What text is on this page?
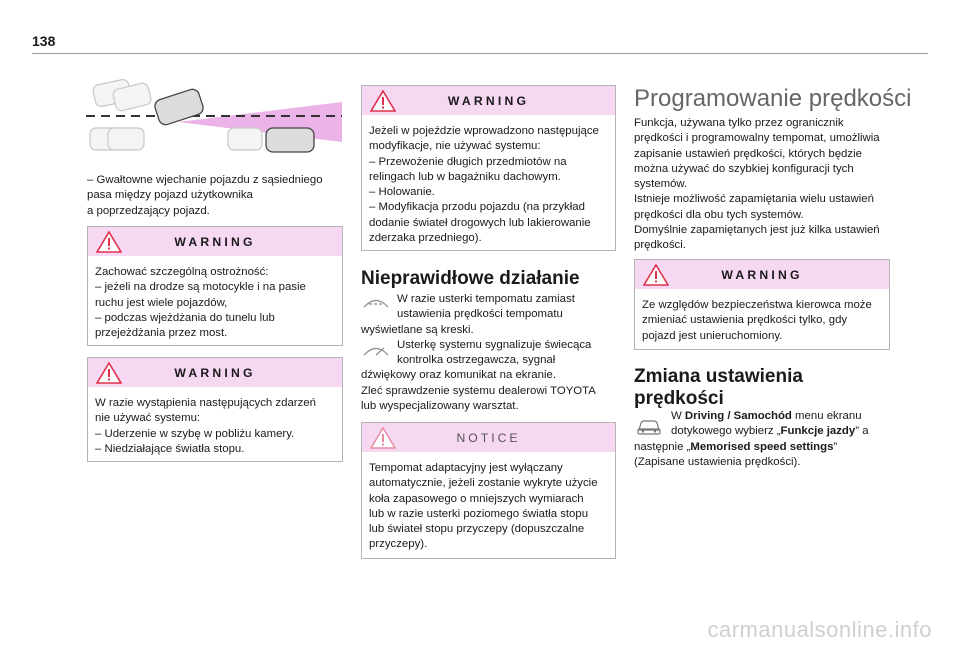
138

– Gwałtowne wjechanie pojazdu z sąsiedniego

pasa między pojazd użytkownika

a poprzedzający pojazd.

WARNING

Zachować szczególną ostrożność:

– jeżeli na drodze są motocykle i na pasie

ruchu jest wiele pojazdów,

– podczas wjeżdżania do tunelu lub

przejeżdżania przez most.

WARNING

W razie wystąpienia następujących zdarzeń

nie używać systemu:

– Uderzenie w szybę w pobliżu kamery.

– Niedziałające światła stopu.

WARNING

Jeżeli w pojeździe wprowadzono następujące

modyfikacje, nie używać systemu:

– Przewożenie długich przedmiotów na

relingach lub w bagażniku dachowym.

– Holowanie.

– Modyfikacja przodu pojazdu (na przykład

dodanie świateł drogowych lub lakierowanie

zderzaka przedniego).

Nieprawidłowe działanie

W razie usterki tempomatu zamiast

ustawienia prędkości tempomatu

wyświetlane są kreski.

Usterkę systemu sygnalizuje świecąca

kontrolka ostrzegawcza, sygnał

dźwiękowy oraz komunikat na ekranie.

Zleć sprawdzenie systemu dealerowi TOYOTA

lub wyspecjalizowany warsztat.

NOTICE

Tempomat adaptacyjny jest wyłączany

automatycznie, jeżeli zostanie wykryte użycie

koła zapasowego o mniejszych wymiarach

lub w razie usterki poziomego światła stopu

lub świateł stopu przyczepy (dopuszczalne

przyczepy).

Programowanie prędkości

Funkcja, używana tylko przez ogranicznik

prędkości i programowalny tempomat, umożliwia

zapisanie ustawień prędkości, których będzie

można używać do szybkiej konfiguracji tych

systemów.

Istnieje możliwość zapamiętania wielu ustawień

prędkości dla obu tych systemów.

Domyślnie zapamiętanych jest już kilka ustawień

prędkości.

WARNING

Ze względów bezpieczeństwa kierowca może

zmieniać ustawienia prędkości tylko, gdy

pojazd jest unieruchomiony.

Zmiana ustawienia
prędkości

W Driving / Samochód menu ekranu

dotykowego wybierz „Funkcje jazdy” a

następnie „Memorised speed settings”

(Zapisane ustawienia prędkości).

carmanualsonline.info
